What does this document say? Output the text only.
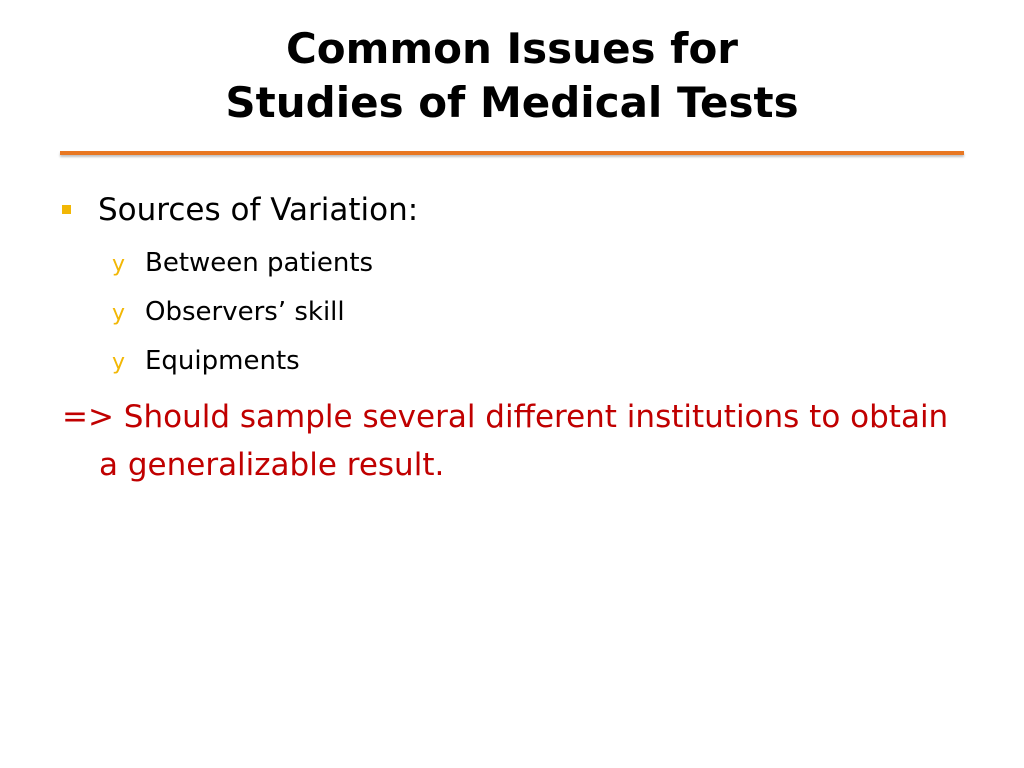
Common Issues for
Studies of Medical Tests
Sources of Variation:
y Between patients
y Observers’ skill
y Equipments
=> Should sample several different institutions to obtain a generalizable result.
